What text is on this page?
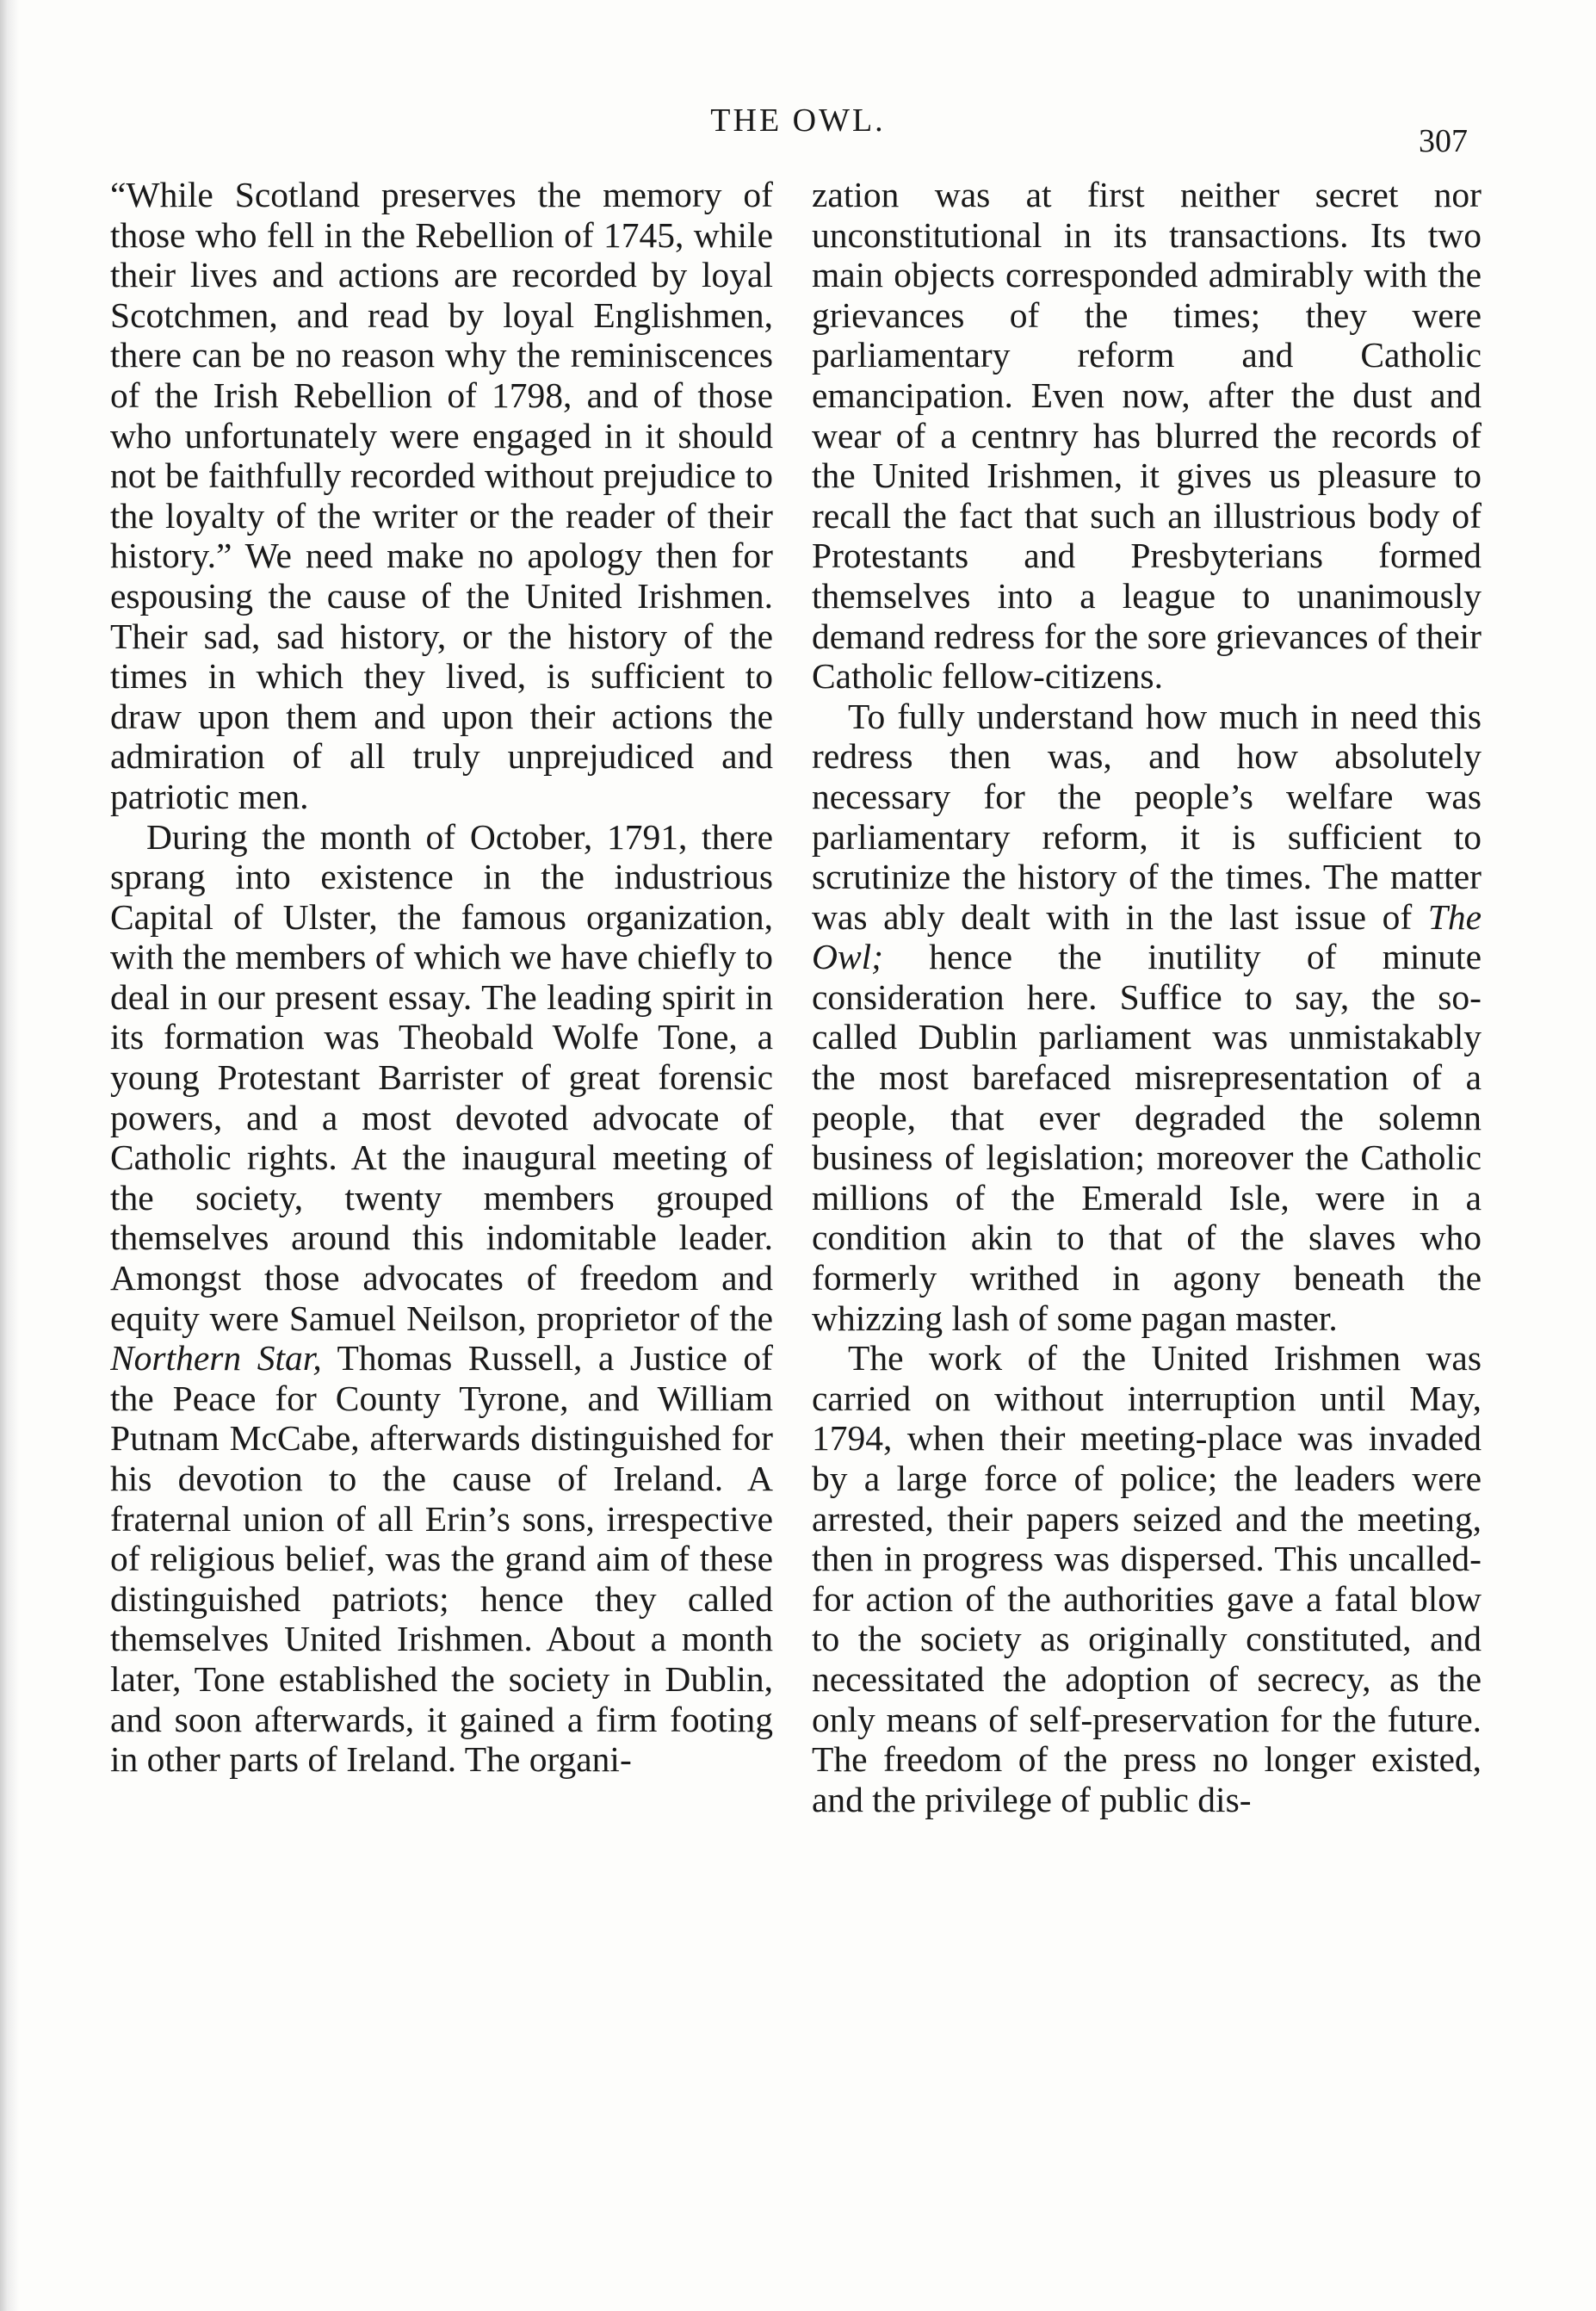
THE OWL.
307

“While Scotland preserves the memory of those who fell in the Rebellion of 1745, while their lives and actions are recorded by loyal Scotchmen, and read by loyal Englishmen, there can be no reason why the reminiscences of the Irish Rebellion of 1798, and of those who unfortunately were engaged in it should not be faithfully recorded without prejudice to the loyalty of the writer or the reader of their history.” We need make no apology then for espousing the cause of the United Irishmen. Their sad, sad history, or the history of the times in which they lived, is sufficient to draw upon them and upon their actions the admiration of all truly unprejudiced and patriotic men.

During the month of October, 1791, there sprang into existence in the industrious Capital of Ulster, the famous organization, with the members of which we have chiefly to deal in our present essay. The leading spirit in its formation was Theobald Wolfe Tone, a young Protestant Barrister of great forensic powers, and a most devoted advocate of Catholic rights. At the inaugural meeting of the society, twenty members grouped themselves around this indomitable leader. Amongst those advocates of freedom and equity were Samuel Neilson, proprietor of the Northern Star, Thomas Russell, a Justice of the Peace for County Tyrone, and William Putnam McCabe, afterwards distinguished for his devotion to the cause of Ireland. A fraternal union of all Erin’s sons, irrespective of religious belief, was the grand aim of these distinguished patriots; hence they called themselves United Irishmen. About a month later, Tone established the society in Dublin, and soon afterwards, it gained a firm footing in other parts of Ireland. The organi-

zation was at first neither secret nor unconstitutional in its transactions. Its two main objects corresponded admirably with the grievances of the times; they were parliamentary reform and Catholic emancipation. Even now, after the dust and wear of a centnry has blurred the records of the United Irishmen, it gives us pleasure to recall the fact that such an illustrious body of Protestants and Presbyterians formed themselves into a league to unanimously demand redress for the sore grievances of their Catholic fellow-citizens.

To fully understand how much in need this redress then was, and how absolutely necessary for the people’s welfare was parliamentary reform, it is sufficient to scrutinize the history of the times. The matter was ably dealt with in the last issue of The Owl; hence the inutility of minute consideration here. Suffice to say, the so-called Dublin parliament was unmistakably the most barefaced misrepresentation of a people, that ever degraded the solemn business of legislation; moreover the Catholic millions of the Emerald Isle, were in a condition akin to that of the slaves who formerly writhed in agony beneath the whizzing lash of some pagan master.

The work of the United Irishmen was carried on without interruption until May, 1794, when their meeting-place was invaded by a large force of police; the leaders were arrested, their papers seized and the meeting, then in progress was dispersed. This uncalled-for action of the authorities gave a fatal blow to the society as originally constituted, and necessitated the adoption of secrecy, as the only means of self-preservation for the future. The freedom of the press no longer existed, and the privilege of public dis-
